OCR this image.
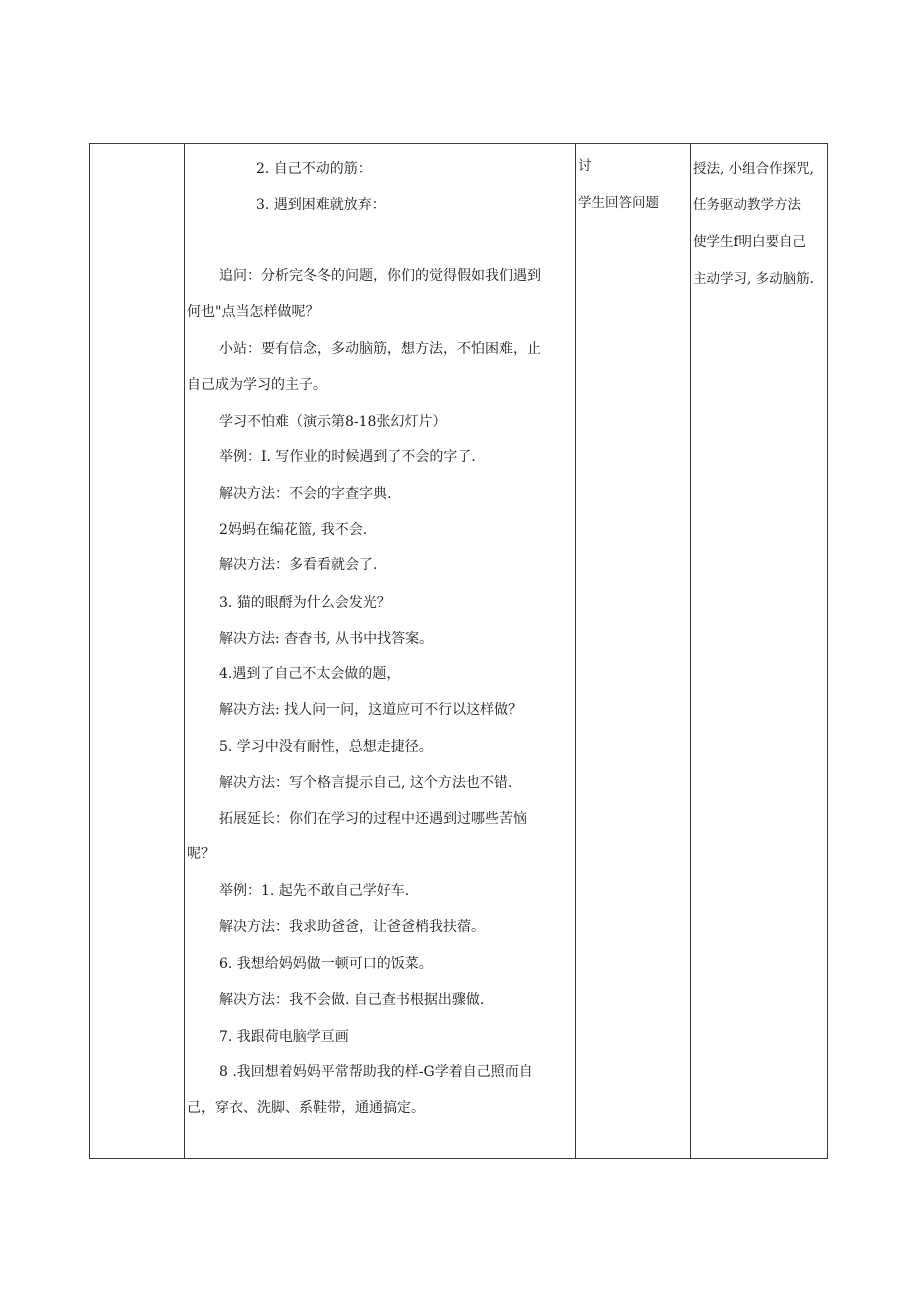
2. 自己不动的筋：
3. 遇到困难就放弃：
追问：分析完冬冬的问题，你们的觉得假如我们遇到
何也"点当怎样做呢？
小站：要有信念，多动脑筋，想方法，不怕困难，止
自己成为学习的主子。
学习不怕难（演示第8-18张幻灯片）
举例：I. 写作业的时候遇到了不会的字了.
解决方法：不会的字查字典.
2妈蚂在编花篮, 我不会.
解决方法：多看看就会了.
3. 猫的眼酹为什么会发光？
解决方法: 杳杳书, 从书中找答案。
4.遇到了自己不太会做的题，
解决方法: 找人问一问，这道应可不行以这样做？
5. 学习中没有耐性，总想走捷径。
解决方法：写个格言提示自己, 这个方法也不错.
拓展延长：你们在学习的过程中还遇到过哪些苦恼
呢？
举例：1. 起先不敢自己学好车.
解决方法：我求助爸爸，让爸爸梢我扶蓿。
6. 我想给妈妈做一顿可口的饭菜。
解决方法：我不会做. 自己查书根据出骤做.
7. 我跟荷电脑学亘画
8 .我回想着妈妈平常帮助我的样-G学着自己照而自
己，穿衣、洗脚、系鞋带，通通搞定。
讨
学生回答问题
授法, 小组合作探咒,
任务驱动教学方法
使学生f明白要自己
主动学习, 多动脑筋.
